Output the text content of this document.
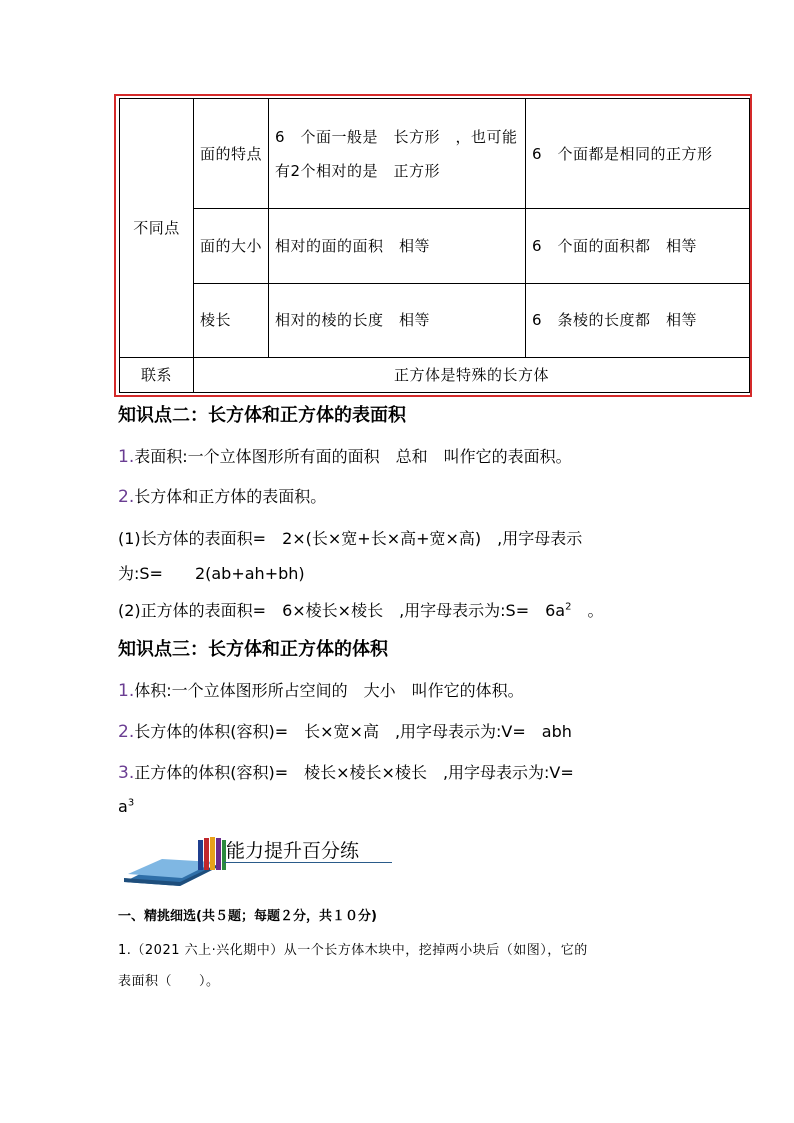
不同点	面的特点	6　个面一般是　长方形　，也可能有2个相对的是　正方形	6　个面都是相同的正方形
	面的大小	相对的面的面积　相等	6　个面的面积都　相等
	棱长	相对的棱的长度　相等	6　条棱的长度都　相等
联系	正方体是特殊的长方体		
知识点二：长方体和正方体的表面积
1.表面积:一个立体图形所有面的面积　总和　叫作它的表面积。
2.长方体和正方体的表面积。
(1)长方体的表面积=　2×(长×宽+长×高+宽×高)　,用字母表示
为:S=　　2(ab+ah+bh)
(2)正方体的表面积=　6×棱长×棱长　,用字母表示为:S=　$6a^2$　。
知识点三：长方体和正方体的体积
1.体积:一个立体图形所占空间的　大小　叫作它的体积。
2.长方体的体积(容积)=　长×宽×高　,用字母表示为:V=　abh
3.正方体的体积(容积)=　棱长×棱长×棱长　,用字母表示为:V=
$a^3$
能力提升百分练
一、精挑细选(共５题；每题２分，共１０分)
1.（2021 六上·兴化期中）从一个长方体木块中，挖掉两小块后（如图），它的
表面积（　　）。
